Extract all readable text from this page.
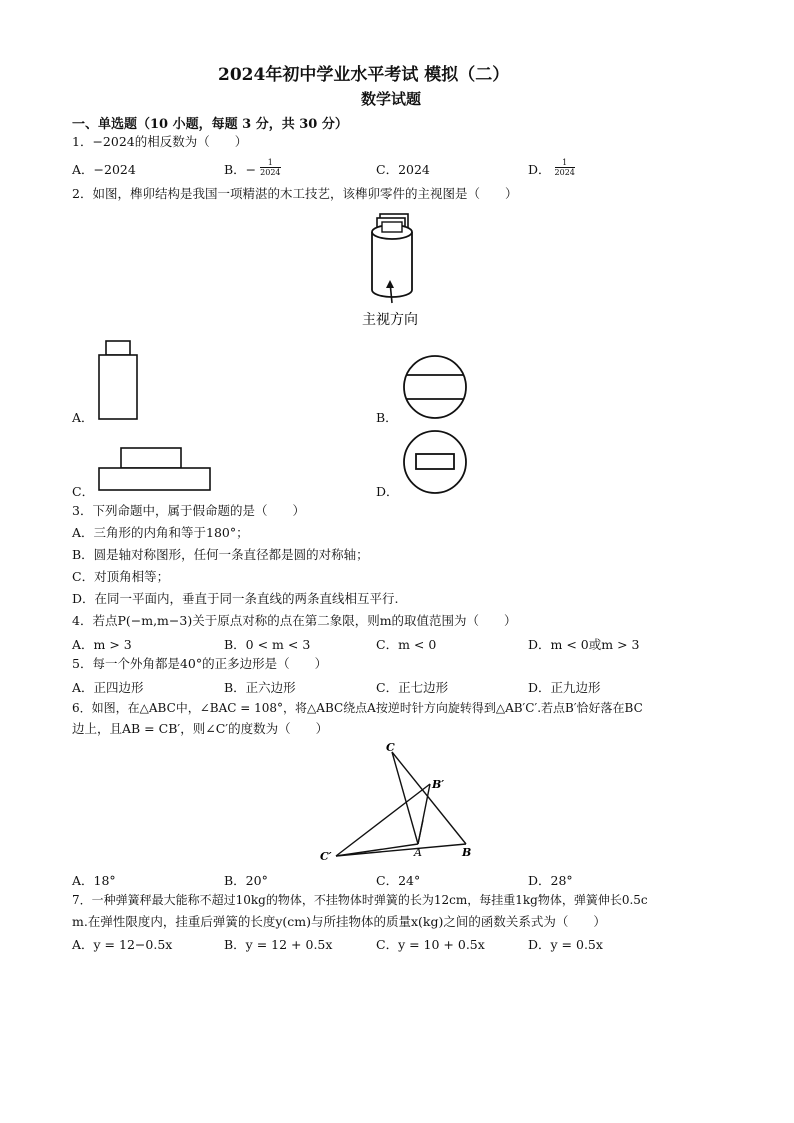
2024年初中学业水平考试 模拟（二）
数学试题
一、单选题（10 小题，每题 3 分，共 30 分）
1．−2024的相反数为（　　）
A．−2024	B．− $\frac{1}{2024}$	C．2024	D． $\frac{1}{2024}$
2．如图，榫卯结构是我国一项精湛的木工技艺，该榫卯零件的主视图是（　　）
主视方向
A．	B．
C．	D．
3．下列命题中，属于假命题的是（　　）
A．三角形的内角和等于180°；
B．圆是轴对称图形，任何一条直径都是圆的对称轴；
C．对顶角相等；
D．在同一平面内，垂直于同一条直线的两条直线相互平行.
4．若点P(−m,m−3)关于原点对称的点在第二象限，则m的取值范围为（　　）
A．m > 3	B．0 < m < 3	C．m < 0	D．m < 0或m > 3
5．每一个外角都是40°的正多边形是（　　）
A．正四边形	B．正六边形	C．正七边形	D．正九边形
6．如图，在△ABC中，∠BAC = 108°，将△ABC绕点A按逆时针方向旋转得到△AB′C′.若点B′恰好落在BC
边上，且AB = CB′，则∠C′的度数为（　　）
C
B′
C′	A	B
A．18°	B．20°	C．24°	D．28°
7．一种弹簧秤最大能称不超过10kg的物体，不挂物体时弹簧的长为12cm，每挂重1kg物体，弹簧伸长0.5c
m.在弹性限度内，挂重后弹簧的长度y(cm)与所挂物体的质量x(kg)之间的函数关系式为（　　）
A．y = 12−0.5x	B．y = 12 + 0.5x	C．y = 10 + 0.5x	D．y = 0.5x
